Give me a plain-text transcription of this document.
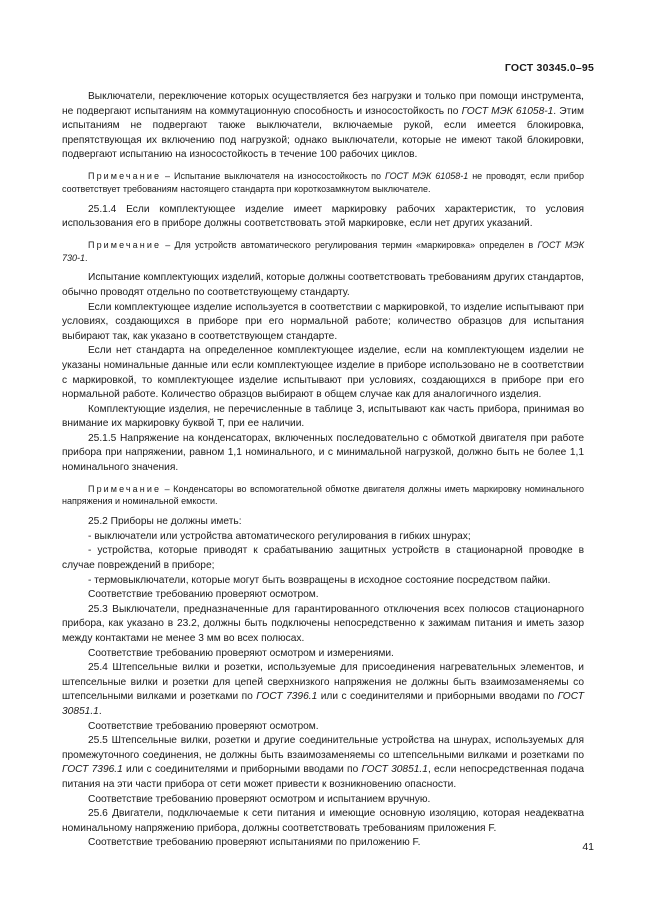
ГОСТ 30345.0–95

Выключатели, переключение которых осуществляется без нагрузки и только при помощи инструмента, не подвергают испытаниям на коммутационную способность и износостойкость по ГОСТ МЭК 61058-1. Этим испытаниям не подвергают также выключатели, включаемые рукой, если имеется блокировка, препятствующая их включению под нагрузкой; однако выключатели, которые не имеют такой блокировки, подвергают испытанию на износостойкость в течение 100 рабочих циклов.

Примечание – Испытание выключателя на износостойкость по ГОСТ МЭК 61058-1 не проводят, если прибор соответствует требованиям настоящего стандарта при короткозамкнутом выключателе.

25.1.4 Если комплектующее изделие имеет маркировку рабочих характеристик, то условия использования его в приборе должны соответствовать этой маркировке, если нет других указаний.

Примечание – Для устройств автоматического регулирования термин «маркировка» определен в ГОСТ МЭК 730-1.

Испытание комплектующих изделий, которые должны соответствовать требованиям других стандартов, обычно проводят отдельно по соответствующему стандарту.

Если комплектующее изделие используется в соответствии с маркировкой, то изделие испытывают при условиях, создающихся в приборе при его нормальной работе; количество образцов для испытания выбирают так, как указано в соответствующем стандарте.

Если нет стандарта на определенное комплектующее изделие, если на комплектующем изделии не указаны номинальные данные или если комплектующее изделие в приборе использовано не в соответствии с маркировкой, то комплектующее изделие испытывают при условиях, создающихся в приборе при его нормальной работе. Количество образцов выбирают в общем случае как для аналогичного изделия.

Комплектующие изделия, не перечисленные в таблице 3, испытывают как часть прибора, принимая во внимание их маркировку буквой Т, при ее наличии.

25.1.5 Напряжение на конденсаторах, включенных последовательно с обмоткой двигателя при работе прибора при напряжении, равном 1,1 номинального, и с минимальной нагрузкой, должно быть не более 1,1 номинального значения.

Примечание – Конденсаторы во вспомогательной обмотке двигателя должны иметь маркировку номинального напряжения и номинальной емкости.

25.2 Приборы не должны иметь:

- выключатели или устройства автоматического регулирования в гибких шнурах;

- устройства, которые приводят к срабатыванию защитных устройств в стационарной проводке в случае повреждений в приборе;

- термовыключатели, которые могут быть возвращены в исходное состояние посредством пайки.

Соответствие требованию проверяют осмотром.

25.3 Выключатели, предназначенные для гарантированного отключения всех полюсов стационарного прибора, как указано в 23.2, должны быть подключены непосредственно к зажимам питания и иметь зазор между контактами не менее 3 мм во всех полюсах.

Соответствие требованию проверяют осмотром и измерениями.

25.4 Штепсельные вилки и розетки, используемые для присоединения нагревательных элементов, и штепсельные вилки и розетки для цепей сверхнизкого напряжения не должны быть взаимозаменяемы со штепсельными вилками и розетками по ГОСТ 7396.1 или с соединителями и приборными вводами по ГОСТ 30851.1.

Соответствие требованию проверяют осмотром.

25.5 Штепсельные вилки, розетки и другие соединительные устройства на шнурах, используемых для промежуточного соединения, не должны быть взаимозаменяемы со штепсельными вилками и розетками по ГОСТ 7396.1 или с соединителями и приборными вводами по ГОСТ 30851.1, если непосредственная подача питания на эти части прибора от сети может привести к возникновению опасности.

Соответствие требованию проверяют осмотром и испытанием вручную.

25.6 Двигатели, подключаемые к сети питания и имеющие основную изоляцию, которая неадекватна номинальному напряжению прибора, должны соответствовать требованиям приложения F.

Соответствие требованию проверяют испытаниями по приложению F.	41
